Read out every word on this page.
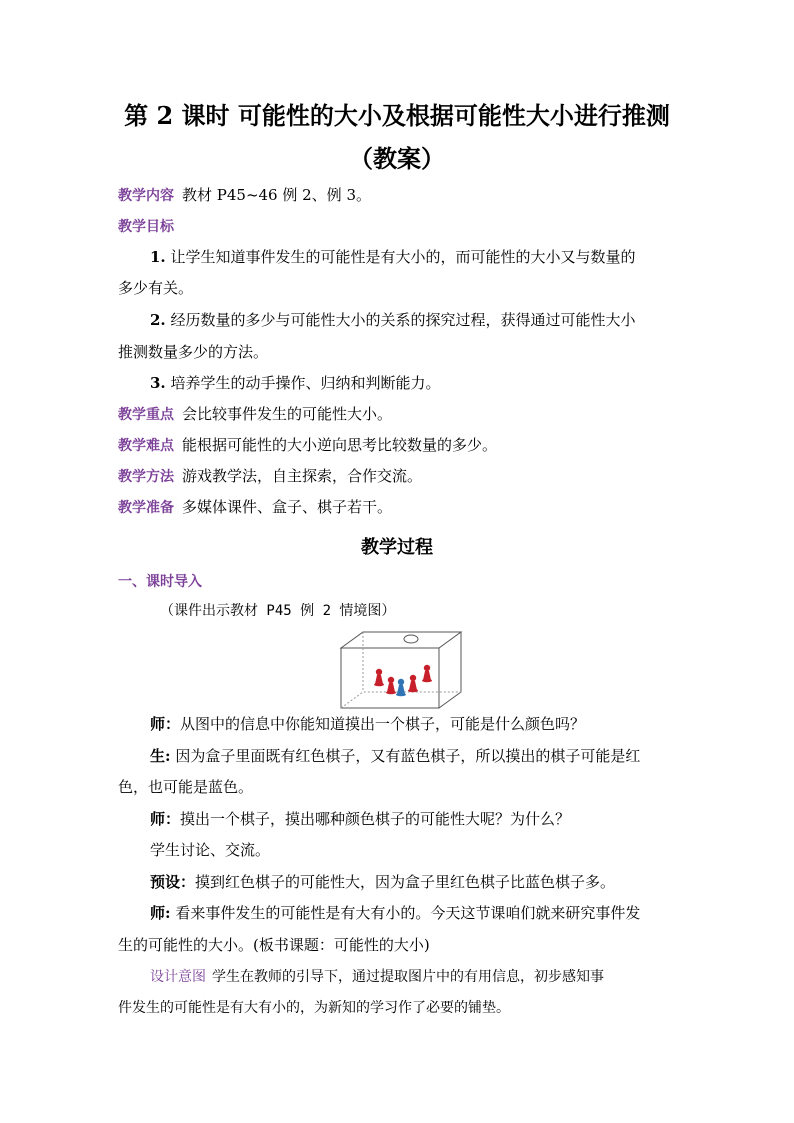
第 2 课时 可能性的大小及根据可能性大小进行推测
（教案）
教学内容 教材 P45~46 例 2、例 3。
教学目标
1. 让学生知道事件发生的可能性是有大小的，而可能性的大小又与数量的
多少有关。
2. 经历数量的多少与可能性大小的关系的探究过程，获得通过可能性大小
推测数量多少的方法。
3. 培养学生的动手操作、归纳和判断能力。
教学重点 会比较事件发生的可能性大小。
教学难点 能根据可能性的大小逆向思考比较数量的多少。
教学方法 游戏教学法，自主探索，合作交流。
教学准备 多媒体课件、盒子、棋子若干。
教学过程
一、课时导入
（课件出示教材 P45 例 2 情境图）
师：从图中的信息中你能知道摸出一个棋子，可能是什么颜色吗？
生: 因为盒子里面既有红色棋子，又有蓝色棋子，所以摸出的棋子可能是红
色，也可能是蓝色。
师：摸出一个棋子，摸出哪种颜色棋子的可能性大呢？为什么？
学生讨论、交流。
预设：摸到红色棋子的可能性大，因为盒子里红色棋子比蓝色棋子多。
师: 看来事件发生的可能性是有大有小的。今天这节课咱们就来研究事件发
生的可能性的大小。(板书课题：可能性的大小)
设计意图 学生在教师的引导下，通过提取图片中的有用信息，初步感知事
件发生的可能性是有大有小的，为新知的学习作了必要的铺垫。
